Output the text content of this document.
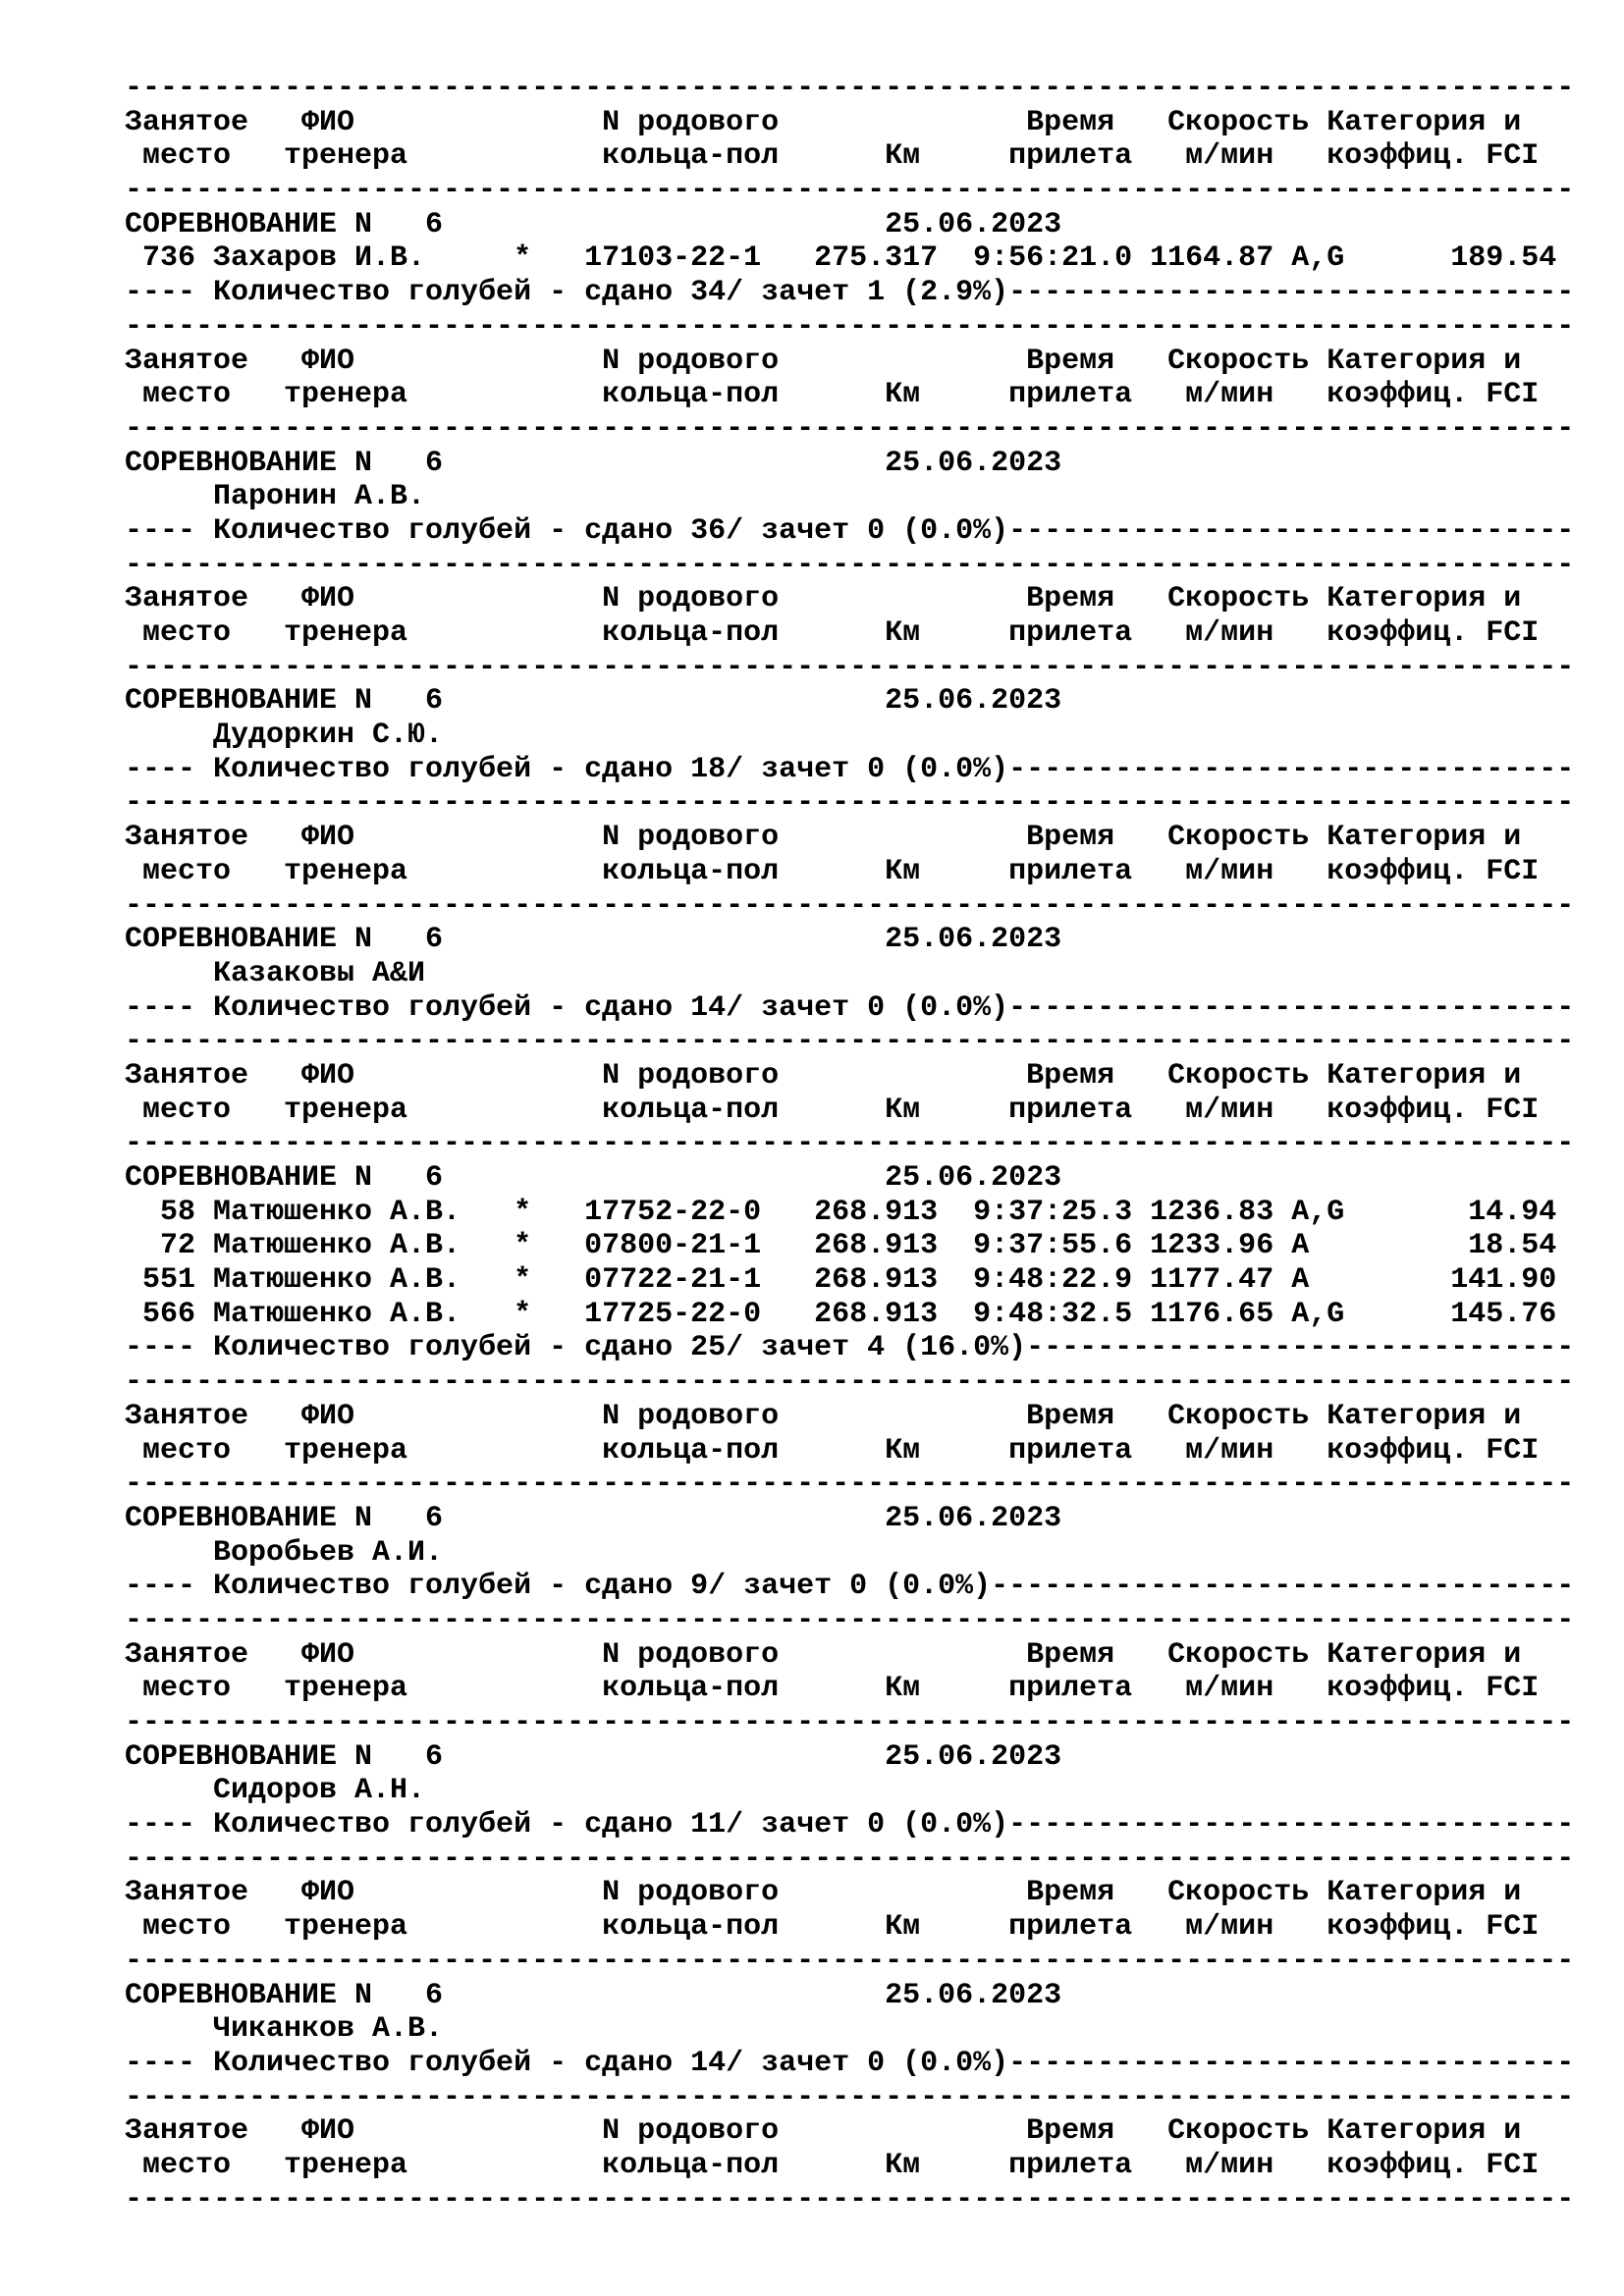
----------------------------------------------------------------------------------
Занятое   ФИО              N родового              Время   Скорость Категория и
место   тренера           кольца-пол      Км     прилета   м/мин   коэффиц. FCI
----------------------------------------------------------------------------------
СОРЕВНОВАНИЕ N   6                         25.06.2023
736 Захаров И.В.     *   17103-22-1   275.317  9:56:21.0 1164.87 A,G      189.54
---- Количество голубей - сдано 34/ зачет 1 (2.9%)--------------------------------
----------------------------------------------------------------------------------
Занятое   ФИО              N родового              Время   Скорость Категория и
место   тренера           кольца-пол      Км     прилета   м/мин   коэффиц. FCI
----------------------------------------------------------------------------------
СОРЕВНОВАНИЕ N   6                         25.06.2023
Паронин А.В.
---- Количество голубей - сдано 36/ зачет 0 (0.0%)--------------------------------
----------------------------------------------------------------------------------
Занятое   ФИО              N родового              Время   Скорость Категория и
место   тренера           кольца-пол      Км     прилета   м/мин   коэффиц. FCI
----------------------------------------------------------------------------------
СОРЕВНОВАНИЕ N   6                         25.06.2023
Дудоркин С.Ю.
---- Количество голубей - сдано 18/ зачет 0 (0.0%)--------------------------------
----------------------------------------------------------------------------------
Занятое   ФИО              N родового              Время   Скорость Категория и
место   тренера           кольца-пол      Км     прилета   м/мин   коэффиц. FCI
----------------------------------------------------------------------------------
СОРЕВНОВАНИЕ N   6                         25.06.2023
Казаковы А&И
---- Количество голубей - сдано 14/ зачет 0 (0.0%)--------------------------------
----------------------------------------------------------------------------------
Занятое   ФИО              N родового              Время   Скорость Категория и
место   тренера           кольца-пол      Км     прилета   м/мин   коэффиц. FCI
----------------------------------------------------------------------------------
СОРЕВНОВАНИЕ N   6                         25.06.2023
58 Матюшенко А.В.   *   17752-22-0   268.913  9:37:25.3 1236.83 A,G       14.94
72 Матюшенко А.В.   *   07800-21-1   268.913  9:37:55.6 1233.96 A         18.54
551 Матюшенко А.В.   *   07722-21-1   268.913  9:48:22.9 1177.47 A        141.90
566 Матюшенко А.В.   *   17725-22-0   268.913  9:48:32.5 1176.65 A,G      145.76
---- Количество голубей - сдано 25/ зачет 4 (16.0%)-------------------------------
----------------------------------------------------------------------------------
Занятое   ФИО              N родового              Время   Скорость Категория и
место   тренера           кольца-пол      Км     прилета   м/мин   коэффиц. FCI
----------------------------------------------------------------------------------
СОРЕВНОВАНИЕ N   6                         25.06.2023
Воробьев А.И.
---- Количество голубей - сдано 9/ зачет 0 (0.0%)---------------------------------
----------------------------------------------------------------------------------
Занятое   ФИО              N родового              Время   Скорость Категория и
место   тренера           кольца-пол      Км     прилета   м/мин   коэффиц. FCI
----------------------------------------------------------------------------------
СОРЕВНОВАНИЕ N   6                         25.06.2023
Сидоров А.Н.
---- Количество голубей - сдано 11/ зачет 0 (0.0%)--------------------------------
----------------------------------------------------------------------------------
Занятое   ФИО              N родового              Время   Скорость Категория и
место   тренера           кольца-пол      Км     прилета   м/мин   коэффиц. FCI
----------------------------------------------------------------------------------
СОРЕВНОВАНИЕ N   6                         25.06.2023
Чиканков А.В.
---- Количество голубей - сдано 14/ зачет 0 (0.0%)--------------------------------
----------------------------------------------------------------------------------
Занятое   ФИО              N родового              Время   Скорость Категория и
место   тренера           кольца-пол      Км     прилета   м/мин   коэффиц. FCI
----------------------------------------------------------------------------------
